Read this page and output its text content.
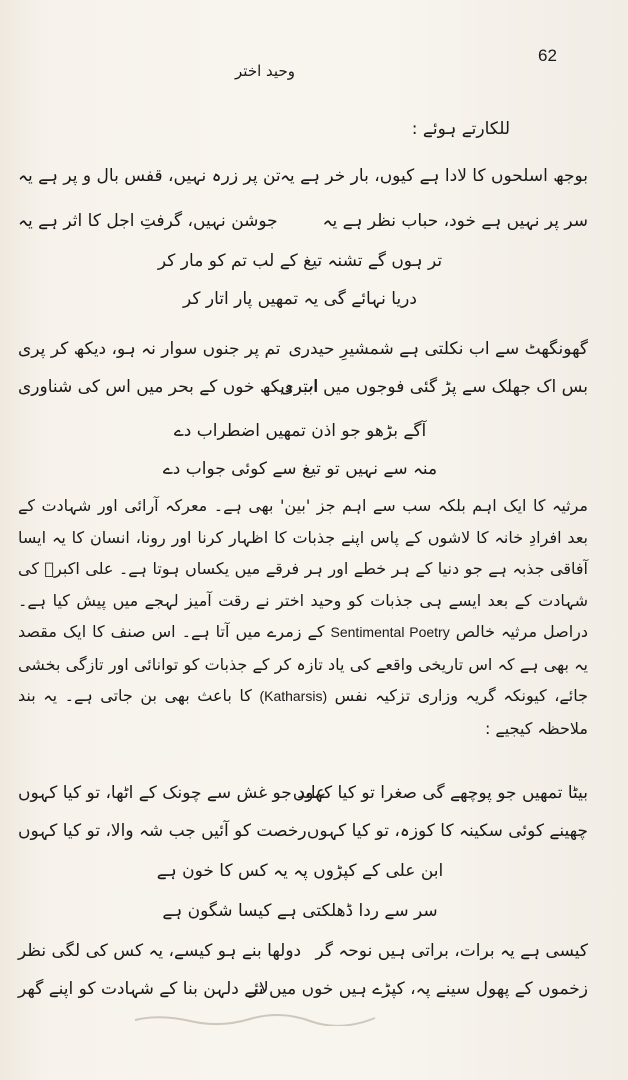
62
وحید اختر
للکارتے ہوئے :
بوجھ اسلحوں کا لادا ہے کیوں، بار خر ہے یہ
تن پر زرہ نہیں، قفس بال و پر ہے یہ
سر پر نہیں ہے خود، حباب نظر ہے یہ
جوشن نہیں، گرفتِ اجل کا اثر ہے یہ
تر ہوں گے تشنہ تیغ کے لب تم کو مار کر
دریا نہائے گی یہ تمھیں پار اتار کر
گھونگھٹ سے اب نکلتی ہے شمشیرِ حیدری
تم پر جنوں سوار نہ ہو، دیکھ کر پری
بس اک جھلک سے پڑ گئی فوجوں میں ابتری
اب دیکھ خوں کے بحر میں اس کی شناوری
آگے بڑھو جو اذن تمھیں اضطراب دے
منہ سے نہیں تو تیغ سے کوئی جواب دے
مرثیہ کا ایک اہم بلکہ سب سے اہم جز 'بین' بھی ہے۔ معرکہ آرائی اور شہادت کے بعد افرادِ خانہ کا لاشوں کے پاس اپنے جذبات کا اظہار کرنا اور رونا، انسان کا یہ ایسا آفاقی جذبہ ہے جو دنیا کے ہر خطے اور ہر فرقے میں یکساں ہوتا ہے۔ علی اکبرؑ کی شہادت کے بعد ایسے ہی جذبات کو وحید اختر نے رقت آمیز لہجے میں پیش کیا ہے۔ دراصل مرثیہ خالص Sentimental Poetry کے زمرے میں آتا ہے۔ اس صنف کا ایک مقصد یہ بھی ہے کہ اس تاریخی واقعے کی یاد تازہ کر کے جذبات کو توانائی اور تازگی بخشی جائے، کیونکہ گریہ وزاری تزکیہ نفس (Katharsis) کا باعث بھی بن جاتی ہے۔ یہ بند ملاحظہ کیجیے :
بیٹا تمھیں جو پوچھے گی صغرا تو کیا کہوں
عابد جو غش سے چونک کے اٹھا، تو کیا کہوں
چھینے کوئی سکینہ کا کوزہ، تو کیا کہوں
رخصت کو آئیں جب شہ والا، تو کیا کہوں
ابن علی کے کپڑوں پہ یہ کس کا خون ہے
سر سے ردا ڈھلکتی ہے کیسا شگون ہے
کیسی ہے یہ برات، براتی ہیں نوحہ گر
دولھا بنے ہو کیسے، یہ کس کی لگی نظر
زخموں کے پھول سینے پہ، کپڑے ہیں خوں میں تر
لائے دلہن بنا کے شہادت کو اپنے گھر
